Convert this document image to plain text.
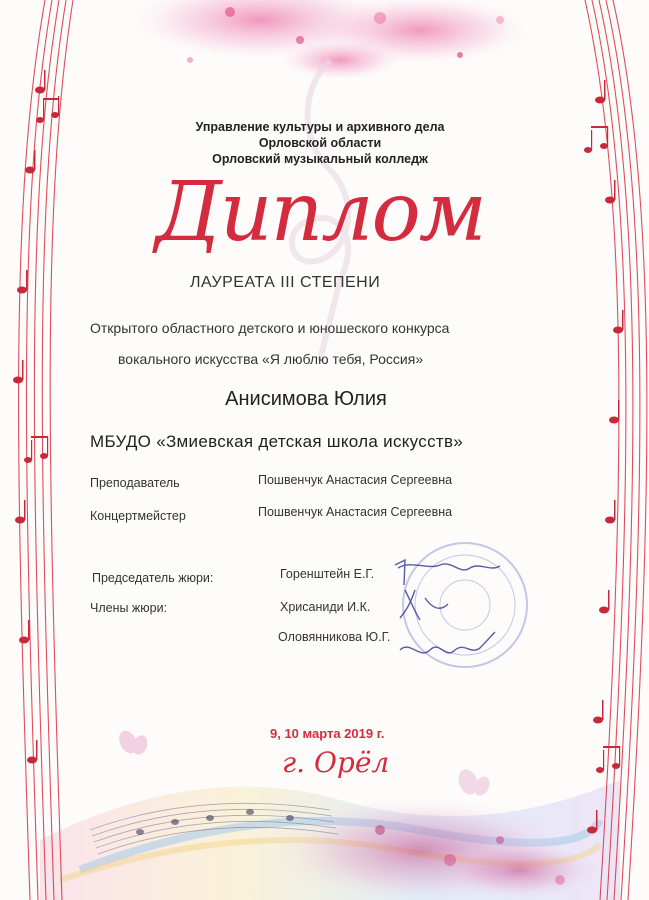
Управление культуры и архивного дела
Орловской области
Орловский музыкальный колледж
Диплом
ЛАУРЕАТА III СТЕПЕНИ
Открытого областного детского и юношеского конкурса
вокального искусства «Я люблю тебя, Россия»
Анисимова Юлия
МБУДО «Змиевская детская школа искусств»
Преподаватель	Пошвенчук Анастасия Сергеевна
Концертмейстер	Пошвенчук Анастасия Сергеевна
Председатель жюри:	Горенштейн Е.Г.
Члены жюри:	Хрисаниди И.К.
Оловянникова Ю.Г.
9, 10 марта 2019 г.
г. Орёл
